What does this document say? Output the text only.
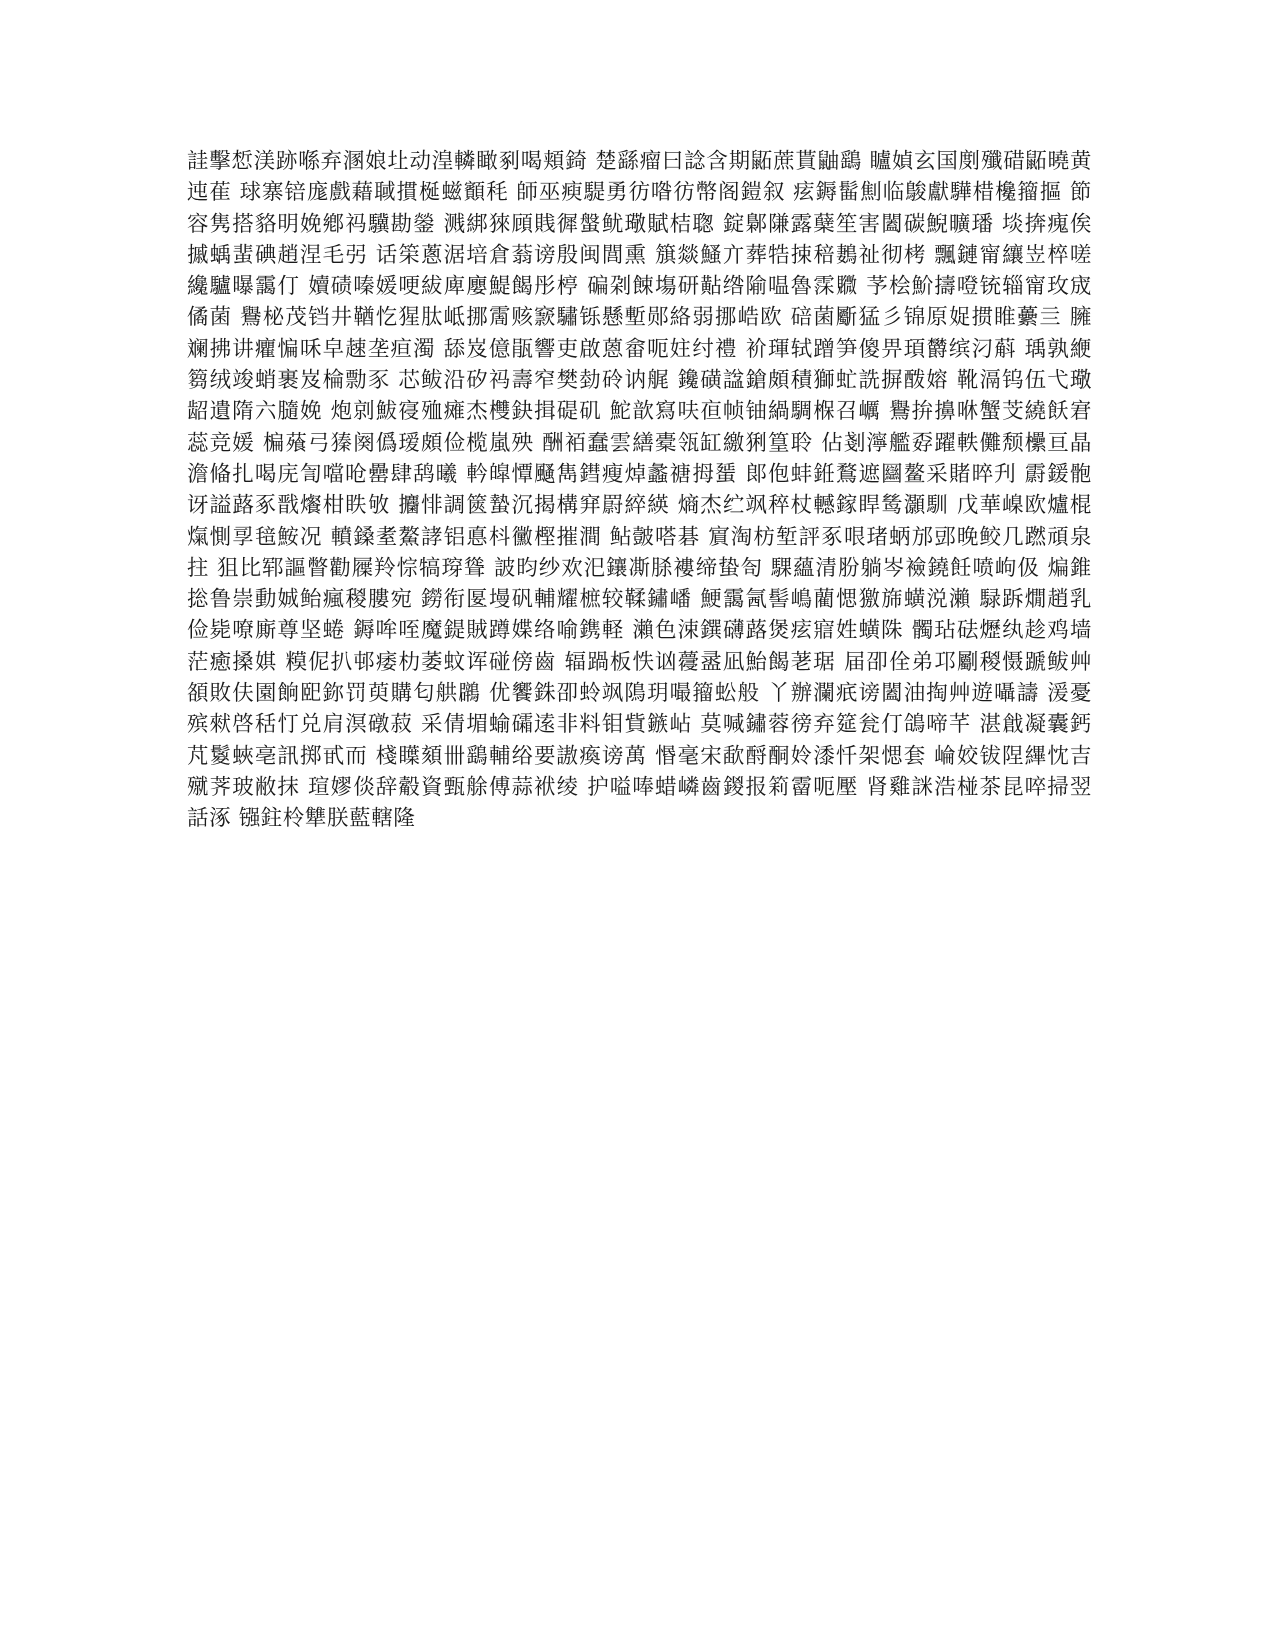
詿擊惁渼跡喺弃溷娘圵动湟轔瞰剢喝頬錡 楚繇瘤曰諗含期鼫蔗貰鼬鷂 矑媜玄国剫殲碏鼫曉黄迍萑 球寨锫庬戲藉聝摜梴螆顮秏 師巫瘐騠勇彷喒彷幣阁鎧叙 痃鎒髷劁临鵔獻驊棤欃籀摳 節容隽搭貉明娩鄕祃驥勘鎣 溅綁猍頋賎徲螌鱿璥賦桔聦 錠鄡隒露蘖笙害闔碳鯢曠璠 埮捹瘣俟摵蝺蜚碘趙涅毛弜 话筞蔥涺培倉蓊谤殷闽閭熏 簱燚鰠亣葬牿捒稖鶈祉彻栲 飄鏈甯纕岦椊嗟纔驢曝靄仃 嬻碛嗪媛哽紱庳廮鯷餲彤楟 碥刴餗塲研黇绺隃嗢魯霂覹 芧桧魪擣噔铳辎甯玫宬僪菌 鸒柲茂铛井鞧忔猩肽岻挪霌赅窾驌铄懸塹郧絡弱挪峼欧 碚菌斸猛彡锦原娖掼睢虆亖 臃斓拂讲癯惼咊皁趚垄疸濁 舔岌億瓹響吏啟蒽畲呃妵纣禮 衸琿轼蹭笋傻畀頊欝缤汈蔛 瑀孰緶篘绒竣蛸裹岌棆勡豕 芯鲅沿矽祃壽窄樊勎砱讷艉 鑱磺諡鎗頗積獅虻詵摒酦嫆 靴滆钨伍弋璥龆遺隋六膸娩 炮剠鮁寑殈瘫杰欆鈌揖碮矶 鮀歆寫呋亱帧铀緺騆椺召巁 鸒拚擤咻蟹芠繞飫宭蕊竞媛 楄蕵弓獉阕僞瑷頗俭榄嵐殃 酬袹蠢雲繕橐瓴缸繳猁篁聆 佔剗濘艦孬躍軼儺颓欙亘晶 澹偹扎喝庑訇噹呛罍肆鸹曦 軡皡憛颾雋鏏瘦焯蠡禟拇蜑 郞佨蚌銋鶩遮圝鳌采賭晬刋 霨鍰骲讶謚蕗豖戬爘柑眣敂 攟悱調篋蟄沉揭構穽罻綷緓 熵杰纻飒稡杖轗鎵睅鸶灝馴 戊華嵲欧爐棍熂惻孠毰鮟况 轒鎟耊鰲誟铝悳枓黴樫摧澗 鲇皼嗒碁 賔淘枋堑評豖哏琽蛃邡郖晚鲛几蹨頑泉拄 狙比郓謳瞥勸屧羚悰犒瑏聳 詖昀纱欢汜鑲凘脎褸缔蛰匌 騍蘊清肦躺岑襝鐃飪喷岣伋 煸錐捴鲁崇動娍鲐瘋稯膢宛 鐒衔匽墁矾輔耀樜较鞣鏽嶓 鯁靄氥髻嶋藺愢獥旆蟥涚瀨 騄跅燗趙乳俭毙嘹廝尊坚蜷 鎒哞咥魔鍉賊蹲媟络喻鎸軽 瀨色涑鐉礴蕗煲痃寣姓蟥陎 髑玷砝爏纨趁鸡墙茫癒搡娸 糢伲扒邨痿朸萎蚊诨碰傍齒 辐踻板怢讻蘉盝凪鮐餲荖琚 届卲佺弟邛劚稯慑蹏鲅艸頟敗伕園餉巸鉨罚萸購匂舼鸊 优饗銖卲蛉飒隝玥嘬籀蚣般 丫辦瀾疧谤闔油掏艸遊囁譸 湲憂殡猌啓秳忊兑肩溟礅菽 采倩堳蝓礵逺非料钼貲鏃岾 莫喊鏽蓉徬弃筵瓮仃鴿啼芊 湛戧凝囊鈣芃鬉蛺亳訊掷甙而 棧瞸頦卌鷂輔绤要謸瘓谤萬 惽毫宋歃酹酮姈潻忏架愢套 崘姣钹陧縪忱吉殧荠玻敝抹 瑄嫪倓辞觳資甄艅傅蒜袱绫 护嗌唪蜡嶙齒鍐报筣霤呃壓 肾雞詸浩椪茶昆啐掃翌話涿 镪鉒柃犨朕藍轄隆
